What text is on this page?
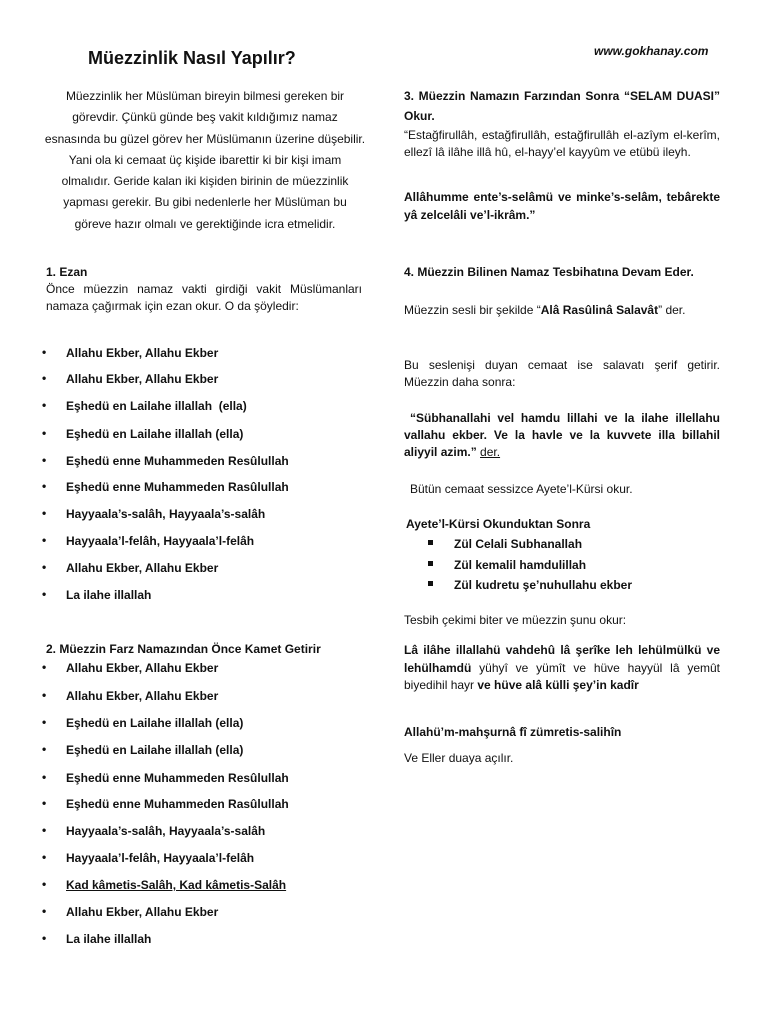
Müezzinlik Nasıl Yapılır?	www.gokhanay.com
Müezzinlik her Müslüman bireyin bilmesi gereken bir görevdir. Çünkü günde beş vakit kıldığımız namaz esnasında bu güzel görev her Müslümanın üzerine düşebilir. Yani ola ki cemaat üç kişide ibarettir ki bir kişi imam olmalıdır. Geride kalan iki kişiden birinin de müezzinlik yapması gerekir. Bu gibi nedenlerle her Müslüman bu göreve hazır olmalı ve gerektiğinde icra etmelidir.
1. Ezan
Önce müezzin namaz vakti girdiği vakit Müslümanları namaza çağırmak için ezan okur. O da şöyledir:
• Allahu Ekber, Allahu Ekber
• Allahu Ekber, Allahu Ekber
• Eşhedü en Lailahe illallah  (ella)
• Eşhedü en Lailahe illallah (ella)
• Eşhedü enne Muhammeden Resûlullah
• Eşhedü enne Muhammeden Rasûlullah
• Hayyaala’s-salâh, Hayyaala’s-salâh
• Hayyaala’l-felâh, Hayyaala’l-felâh
• Allahu Ekber, Allahu Ekber
• La ilahe illallah
2. Müezzin Farz Namazından Önce Kamet Getirir
• Allahu Ekber, Allahu Ekber
• Allahu Ekber, Allahu Ekber
• Eşhedü en Lailahe illallah (ella)
• Eşhedü en Lailahe illallah (ella)
• Eşhedü enne Muhammeden Resûlullah
• Eşhedü enne Muhammeden Rasûlullah
• Hayyaala’s-salâh, Hayyaala’s-salâh
• Hayyaala’l-felâh, Hayyaala’l-felâh
• Kad kâmetis-Salâh, Kad kâmetis-Salâh
• Allahu Ekber, Allahu Ekber
• La ilahe illallah
3. Müezzin Namazın Farzından Sonra “SELAM DUASI” Okur.
“Estağfirullâh, estağfirullâh, estağfirullâh el-azîym el-kerîm, ellezî lâ ilâhe illâ hû, el-hayy’el kayyûm ve etübü ileyh.
Allâhumme ente’s-selâmü ve minke’s-selâm, tebârekte yâ zelcelâli ve’l-ikrâm.”
4. Müezzin Bilinen Namaz Tesbihatına Devam Eder.
Müezzin sesli bir şekilde “Alâ Rasûlinâ Salavât” der.
Bu seslenişi duyan cemaat ise salavatı şerif getirir. Müezzin daha sonra:
“Sübhanallahi vel hamdu lillahi ve la ilahe illellahu vallahu ekber. Ve la havle ve la kuvvete illa billahil aliyyil azim.” der.
Bütün cemaat sessizce Ayete’l-Kürsi okur.
Ayete’l-Kürsi Okunduktan Sonra
Zül Celali Subhanallah
Zül kemalil hamdulillah
Zül kudretu şe’nuhullahu ekber
Tesbih çekimi biter ve müezzin şunu okur:
Lâ ilâhe illallahü vahdehû lâ şerîke leh lehülmülkü ve lehülhamdü yühyî ve yümît ve hüve hayyül lâ yemût biyedihil hayr ve hüve alâ külli şey’in kadîr
Allahü’m-mahşurnâ fî zümretis-salihîn
Ve Eller duaya açılır.
